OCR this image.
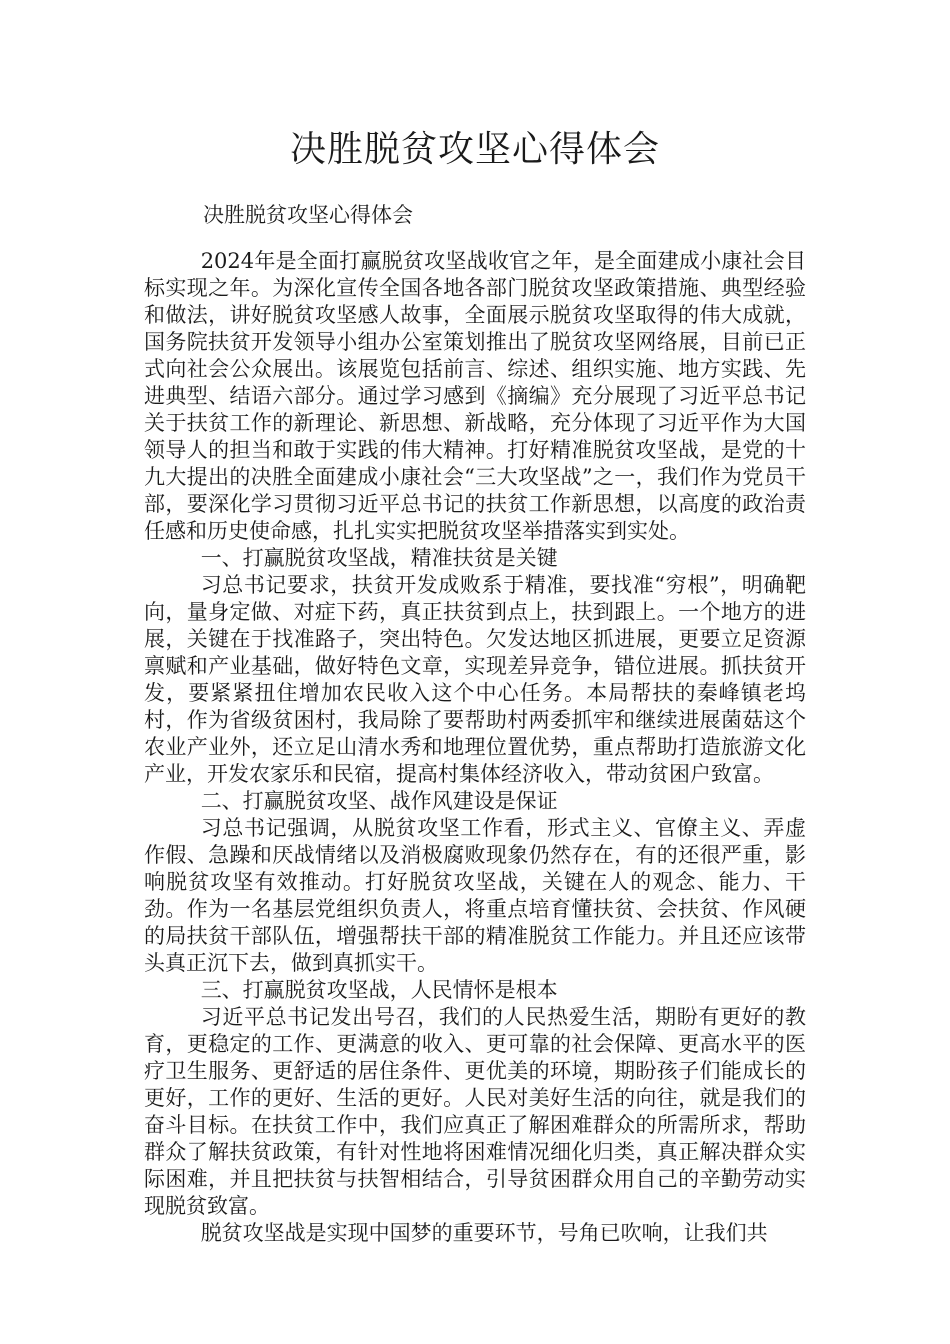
决胜脱贫攻坚心得体会
决胜脱贫攻坚心得体会

2024年是全面打赢脱贫攻坚战收官之年，是全面建成小康社会目标实现之年。为深化宣传全国各地各部门脱贫攻坚政策措施、典型经验和做法，讲好脱贫攻坚感人故事，全面展示脱贫攻坚取得的伟大成就，国务院扶贫开发领导小组办公室策划推出了脱贫攻坚网络展，目前已正式向社会公众展出。该展览包括前言、综述、组织实施、地方实践、先进典型、结语六部分。通过学习感到《摘编》充分展现了习近平总书记关于扶贫工作的新理论、新思想、新战略，充分体现了习近平作为大国领导人的担当和敢于实践的伟大精神。打好精准脱贫攻坚战，是党的十九大提出的决胜全面建成小康社会“三大攻坚战”之一，我们作为党员干部，要深化学习贯彻习近平总书记的扶贫工作新思想，以高度的政治责任感和历史使命感，扎扎实实把脱贫攻坚举措落实到实处。

一、打赢脱贫攻坚战，精准扶贫是关键

习总书记要求，扶贫开发成败系于精准，要找准“穷根”，明确靶向，量身定做、对症下药，真正扶贫到点上，扶到跟上。一个地方的进展，关键在于找准路子，突出特色。欠发达地区抓进展，更要立足资源禀赋和产业基础，做好特色文章，实现差异竞争，错位进展。抓扶贫开发，要紧紧扭住增加农民收入这个中心任务。本局帮扶的秦峰镇老坞村，作为省级贫困村，我局除了要帮助村两委抓牢和继续进展菌菇这个农业产业外，还立足山清水秀和地理位置优势，重点帮助打造旅游文化产业，开发农家乐和民宿，提高村集体经济收入，带动贫困户致富。

二、打赢脱贫攻坚、战作风建设是保证

习总书记强调，从脱贫攻坚工作看，形式主义、官僚主义、弄虚作假、急躁和厌战情绪以及消极腐败现象仍然存在，有的还很严重，影响脱贫攻坚有效推动。打好脱贫攻坚战，关键在人的观念、能力、干劲。作为一名基层党组织负责人，将重点培育懂扶贫、会扶贫、作风硬的局扶贫干部队伍，增强帮扶干部的精准脱贫工作能力。并且还应该带头真正沉下去，做到真抓实干。

三、打赢脱贫攻坚战，人民情怀是根本

习近平总书记发出号召，我们的人民热爱生活，期盼有更好的教育，更稳定的工作、更满意的收入、更可靠的社会保障、更高水平的医疗卫生服务、更舒适的居住条件、更优美的环境，期盼孩子们能成长的更好，工作的更好、生活的更好。人民对美好生活的向往，就是我们的奋斗目标。在扶贫工作中，我们应真正了解困难群众的所需所求，帮助群众了解扶贫政策，有针对性地将困难情况细化归类，真正解决群众实际困难，并且把扶贫与扶智相结合，引导贫困群众用自己的辛勤劳动实现脱贫致富。

脱贫攻坚战是实现中国梦的重要环节，号角已吹响，让我们共
